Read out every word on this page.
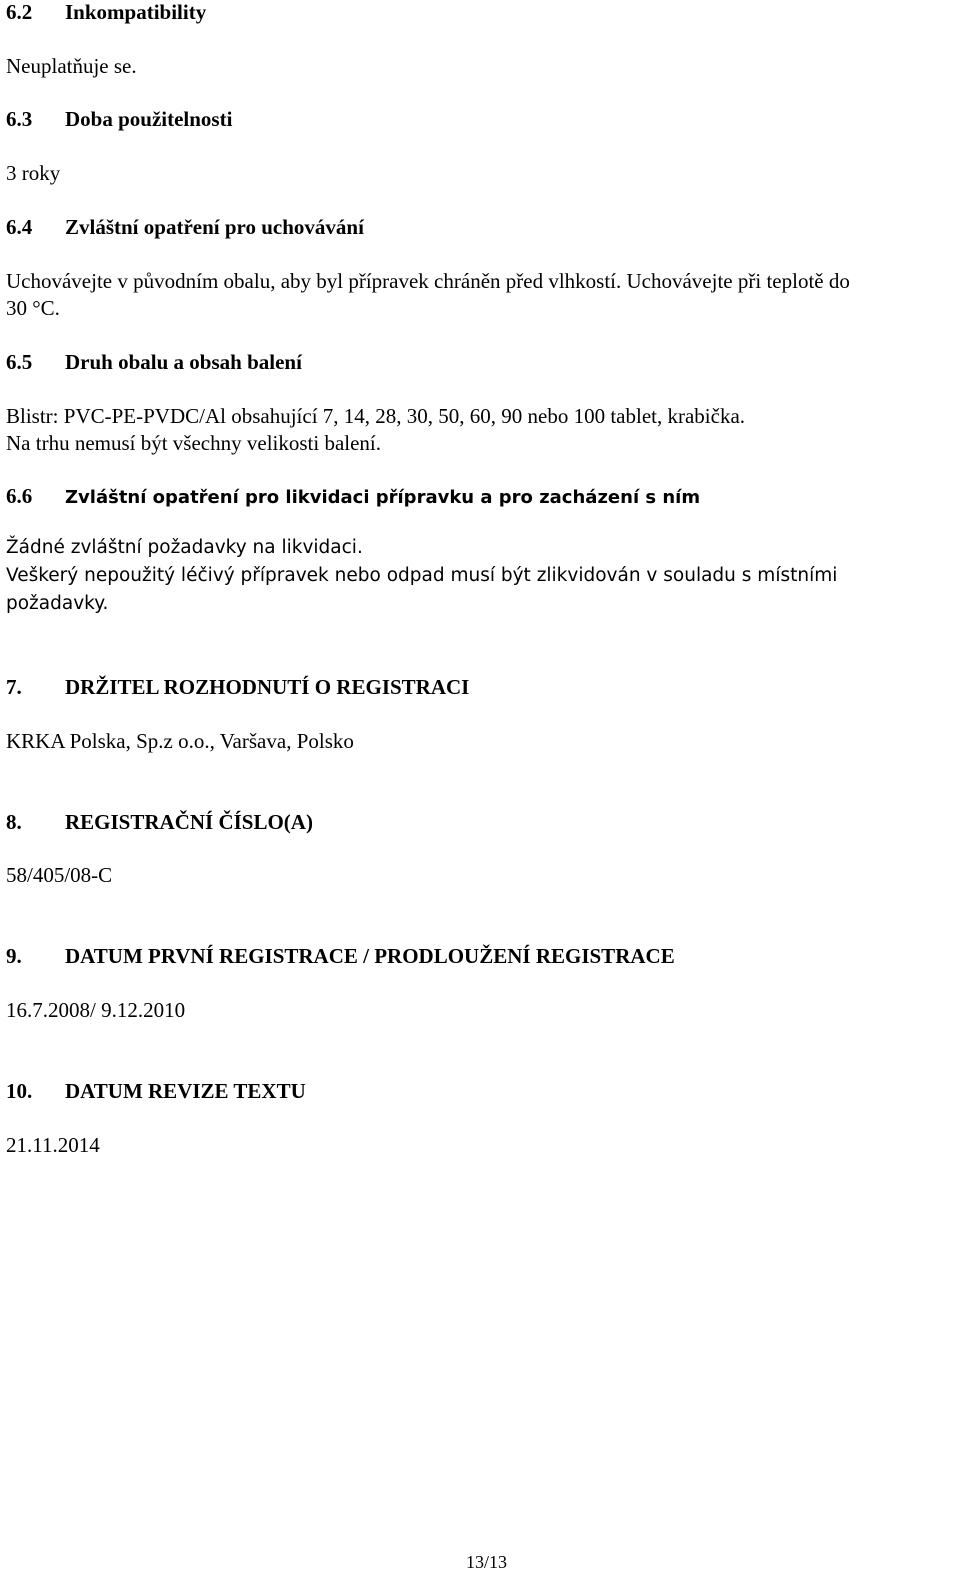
6.2 Inkompatibility
Neuplatňuje se.
6.3 Doba použitelnosti
3 roky
6.4 Zvláštní opatření pro uchovávání
Uchovávejte v původním obalu, aby byl přípravek chráněn před vlhkostí. Uchovávejte při teplotě do
30 °C.
6.5 Druh obalu a obsah balení
Blistr: PVC-PE-PVDC/Al obsahující 7, 14, 28, 30, 50, 60, 90 nebo 100 tablet, krabička.
Na trhu nemusí být všechny velikosti balení.
6.6 Zvláštní opatření pro likvidaci přípravku a pro zacházení s ním
Žádné zvláštní požadavky na likvidaci.
Veškerý nepoužitý léčivý přípravek nebo odpad musí být zlikvidován v souladu s místními
požadavky.
7. DRŽITEL ROZHODNUTÍ O REGISTRACI
KRKA Polska, Sp.z o.o., Varšava, Polsko
8. REGISTRAČNÍ ČÍSLO(A)
58/405/08-C
9. DATUM PRVNÍ REGISTRACE / PRODLOUŽENÍ REGISTRACE
16.7.2008/ 9.12.2010
10. DATUM REVIZE TEXTU
21.11.2014
13/13
